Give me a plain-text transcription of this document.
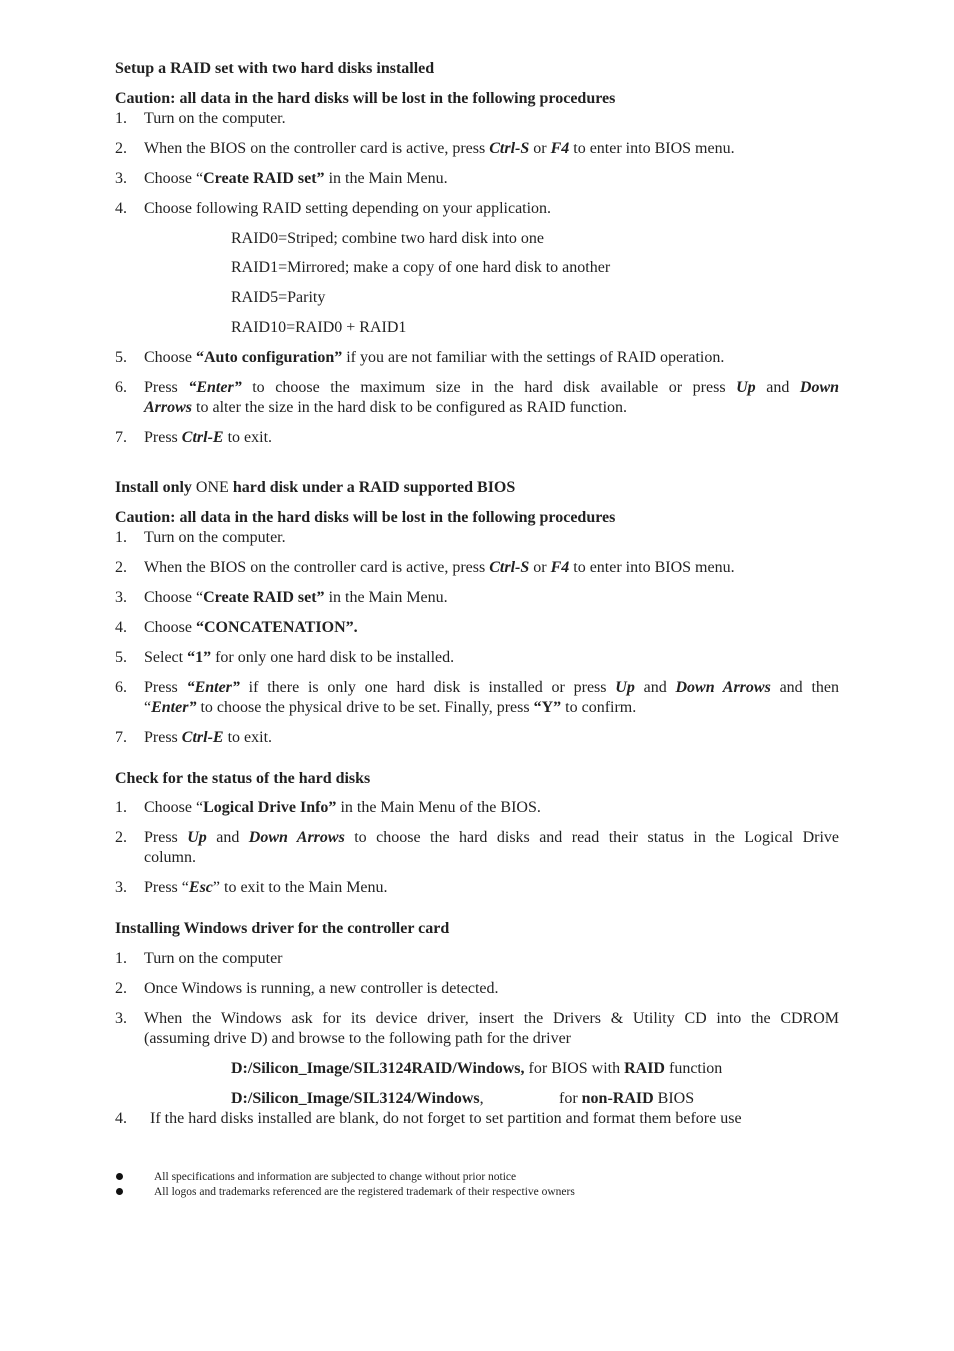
Setup a RAID set with two hard disks installed
Caution: all data in the hard disks will be lost in the following procedures
1. Turn on the computer.
2. When the BIOS on the controller card is active, press Ctrl-S or F4 to enter into BIOS menu.
3. Choose “Create RAID set” in the Main Menu.
4. Choose following RAID setting depending on your application.
RAID0=Striped; combine two hard disk into one
RAID1=Mirrored; make a copy of one hard disk to another
RAID5=Parity
RAID10=RAID0 + RAID1
5. Choose “Auto configuration” if you are not familiar with the settings of RAID operation.
6. Press “Enter” to choose the maximum size in the hard disk available or press Up and Down
Arrows to alter the size in the hard disk to be configured as RAID function.
7. Press Ctrl-E to exit.
Install only ONE hard disk under a RAID supported BIOS
Caution: all data in the hard disks will be lost in the following procedures
1. Turn on the computer.
2. When the BIOS on the controller card is active, press Ctrl-S or F4 to enter into BIOS menu.
3. Choose “Create RAID set” in the Main Menu.
4. Choose “CONCATENATION”.
5. Select “1” for only one hard disk to be installed.
6. Press “Enter” if there is only one hard disk is installed or press Up and Down Arrows and then
“Enter” to choose the physical drive to be set. Finally, press “Y” to confirm.
7. Press Ctrl-E to exit.
Check for the status of the hard disks
1. Choose “Logical Drive Info” in the Main Menu of the BIOS.
2. Press Up and Down Arrows to choose the hard disks and read their status in the Logical Drive
column.
3. Press “Esc” to exit to the Main Menu.
Installing Windows driver for the controller card
1. Turn on the computer
2. Once Windows is running, a new controller is detected.
3. When the Windows ask for its device driver, insert the Drivers & Utility CD into the CDROM
(assuming drive D) and browse to the following path for the driver
D:/Silicon_Image/SIL3124RAID/Windows, for BIOS with RAID function
D:/Silicon_Image/SIL3124/Windows,	for non-RAID BIOS
4. If the hard disks installed are blank, do not forget to set partition and format them before use
All specifications and information are subjected to change without prior notice
All logos and trademarks referenced are the registered trademark of their respective owners
